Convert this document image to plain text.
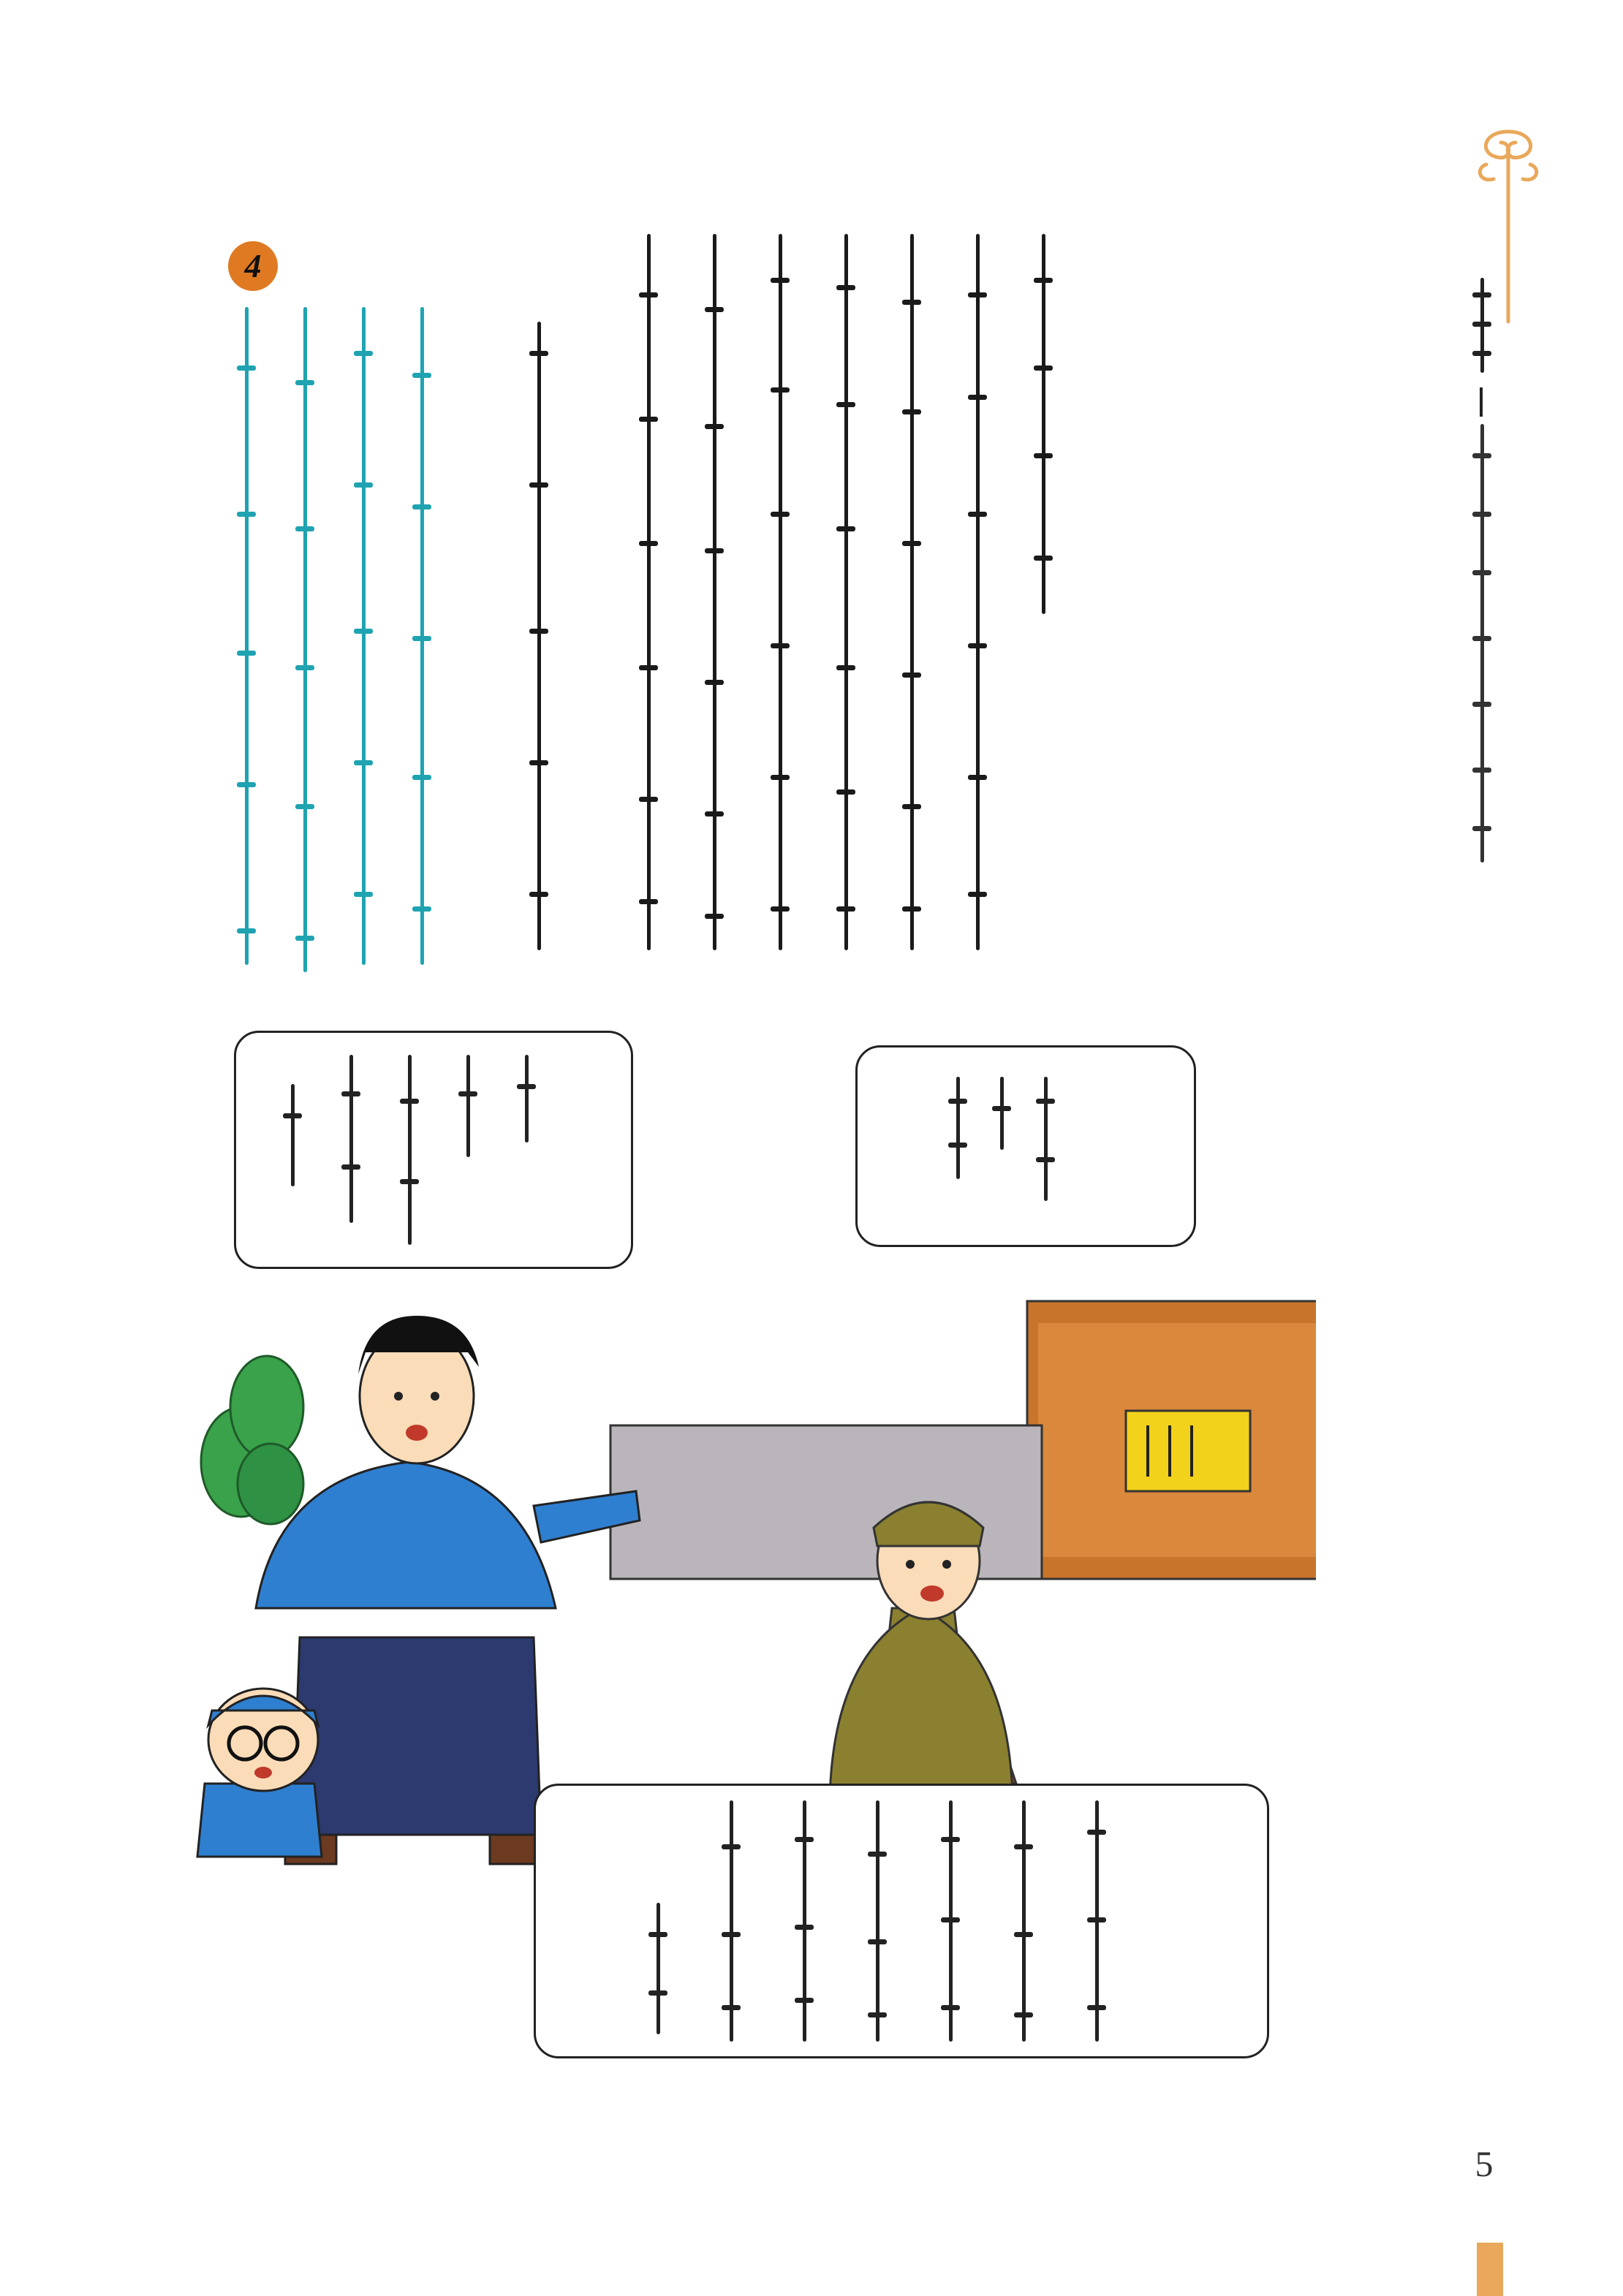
4
5
